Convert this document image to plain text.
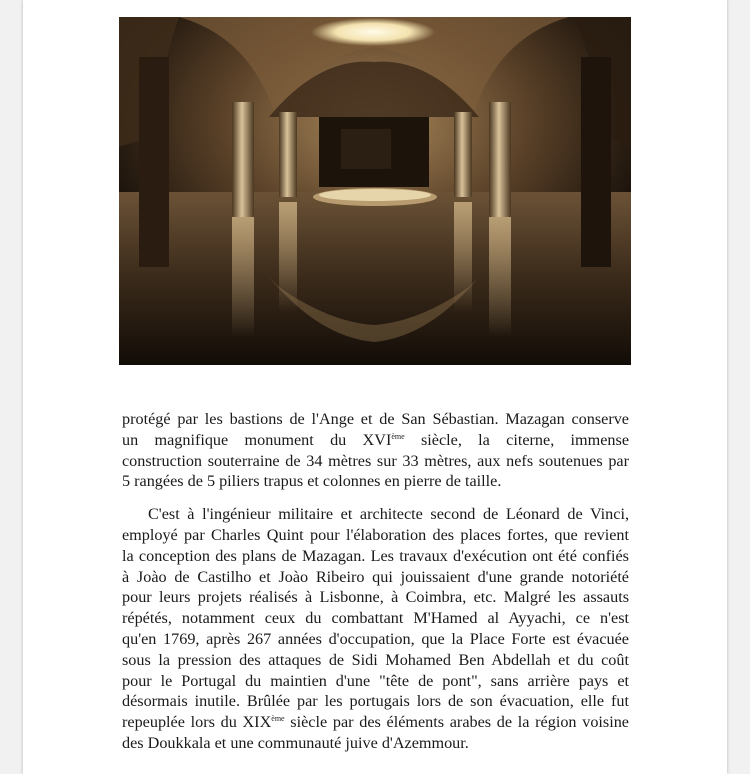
protégé par les bastions de l'Ange et de San Sébastian. Mazagan conserve
un magnifique monument du XVIème siècle, la citerne, immense
construction souterraine de 34 mètres sur 33 mètres, aux nefs soutenues par
5 rangées de 5 piliers trapus et colonnes en pierre de taille.
C'est à l'ingénieur militaire et architecte second de Léonard de Vinci,
employé par Charles Quint pour l'élaboration des places fortes, que revient
la conception des plans de Mazagan. Les travaux d'exécution ont été confiés
à Joào de Castilho et Joào Ribeiro qui jouissaient d'une grande notoriété
pour leurs projets réalisés à Lisbonne, à Coimbra, etc. Malgré les assauts
répétés, notamment ceux du combattant M'Hamed al Ayyachi, ce n'est
qu'en 1769, après 267 années d'occupation, que la Place Forte est évacuée
sous la pression des attaques de Sidi Mohamed Ben Abdellah et du coût
pour le Portugal du maintien d'une "tête de pont", sans arrière pays et
désormais inutile. Brûlée par les portugais lors de son évacuation, elle fut
repeuplée lors du XIXème siècle par des éléments arabes de la région voisine
des Doukkala et une communauté juive d'Azemmour.
